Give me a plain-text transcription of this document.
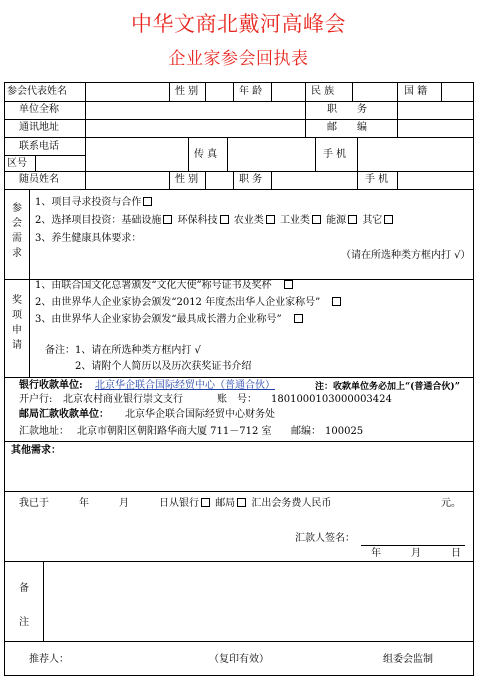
中华文商北戴河高峰会
企业家参会回执表
参会代表姓名	性 别	年 龄	民 族	国 籍
单位全称	职　　务
通讯地址	邮　　编
联系电话
区号
传 真	手 机
随员姓名	性 别	职 务	手 机
参会需求
1、项目寻求投资与合作
2、选择项目投资：基础设施 环保科技 农业类 工业类 能源 其它
3、养生健康具体要求：
（请在所选种类方框内打 √）
奖项申请
1、由联合国文化总署颁发“文化大使”称号证书及奖杯　
2、由世界华人企业家协会颁发“2012 年度杰出华人企业家称号”　
3、由世界华人企业家协会颁发“最具成长潜力企业称号”　
备注：1、请在所选种类方框内打 √
2、请附个人简历以及历次获奖证书介绍
银行收款单位: 北京华企联合国际经贸中心（普通合伙）	注：收款单位务必加上“(普通合伙)”
开户行: 北京农村商业银行崇文支行	账　号： 1801000103000003424
邮局汇款收款单位： 北京华企联合国际经贸中心财务处
汇款地址： 北京市朝阳区朝阳路华商大厦 711－712 室 邮编： 100025
其他需求：
我已于　　　年　　　月　　　日从银行 邮局 汇出会务费人民币	元。
汇款人签名：
年　　　月　　　日
备
注
推荐人：	（复印有效）	组委会监制
